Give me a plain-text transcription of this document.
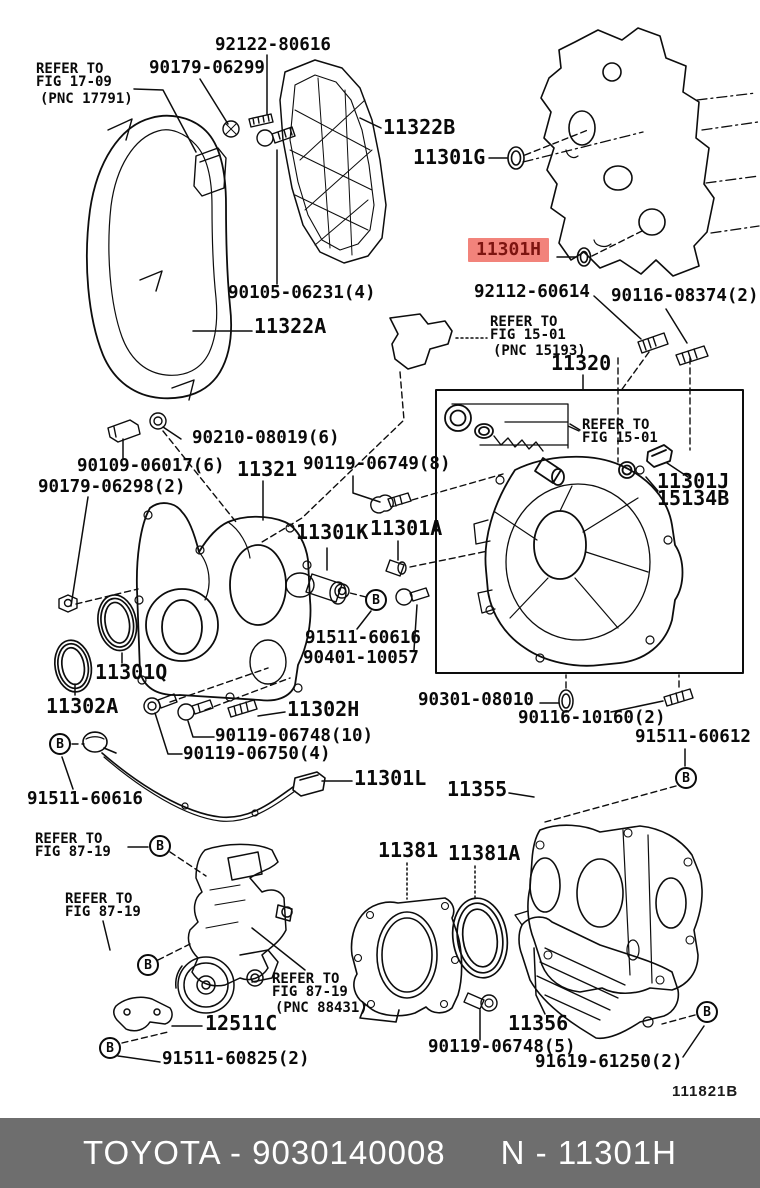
92122-80616
90179-06299
REFER TO
FIG 17-09
(PNC 17791)
11322B
11301G
90105-06231(4)
11322A
11301H
92112-60614 90116-08374(2)
REFER TO
FIG 15-01
(PNC 15193)
11320
REFER TO
FIG 15-01
11301J
15134B
90210-08019(6)
90109-06017(6) 11321 90119-06749(8)
90179-06298(2)
11301K 11301A
91511-60616
90401-10057
11301Q
11302A	11302H
90119-06748(10)
90119-06750(4)
91511-60616
11301L 11355
90301-08010
90116-10160(2)
91511-60612
REFER TO
FIG 87-19
REFER TO
FIG 87-19
REFER TO
FIG 87-19
(PNC 88431)
12511C
91511-60825(2)
11381 11381A
11356
90119-06748(5)
91619-61250(2)
111821B
B
B
B
B
B
B
B
TOYOTA - 9030140008 N - 11301H
